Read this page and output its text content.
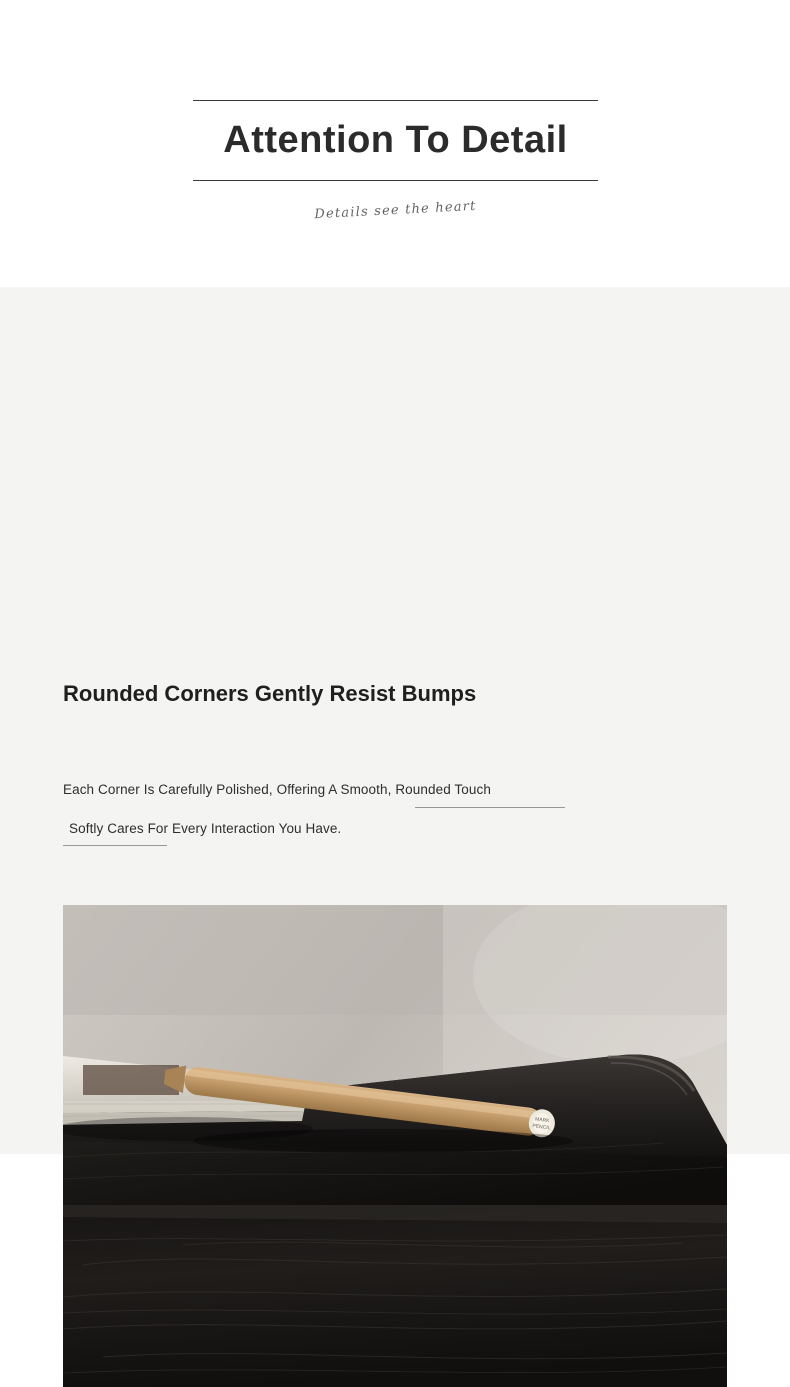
Attention To Detail
Details see the heart
Rounded Corners Gently Resist Bumps
Each Corner Is Carefully Polished, Offering A Smooth, Rounded Touch
Softly Cares For Every Interaction You Have.
MARK
PENCIL
